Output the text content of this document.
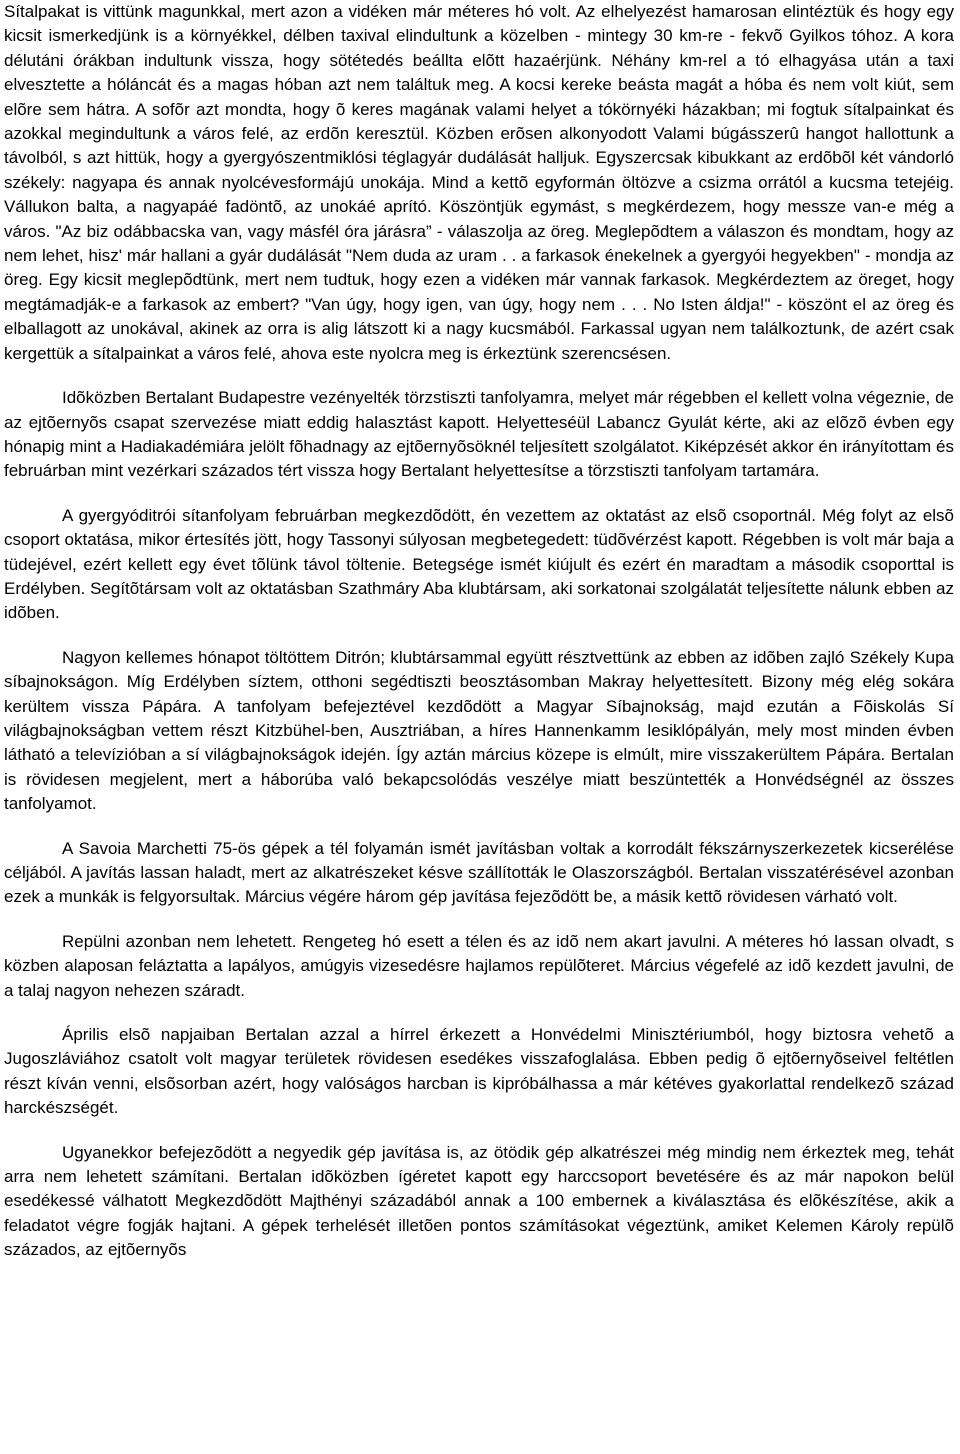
Sítalpakat is vittünk magunkkal, mert azon a vidéken már méteres hó volt. Az elhelyezést hamarosan elintéztük és hogy egy kicsit ismerkedjünk is a környékkel, délben taxival elindultunk a közelben - mintegy 30 km-re - fekvõ Gyilkos tóhoz. A kora délutáni órákban indultunk vissza, hogy sötétedés beállta elõtt hazaérjünk. Néhány km-rel a tó elhagyása után a taxi elvesztette a hóláncát és a magas hóban azt nem találtuk meg. A kocsi kereke beásta magát a hóba és nem volt kiút, sem elõre sem hátra. A sofõr azt mondta, hogy õ keres magának valami helyet a tókörnyéki házakban; mi fogtuk sítalpainkat és azokkal megindultunk a város felé, az erdõn keresztül. Közben erõsen alkonyodott Valami búgásszerû hangot hallottunk a távolból, s azt hittük, hogy a gyergyószentmiklósi téglagyár dudálását halljuk. Egyszercsak kibukkant az erdõbõl két vándorló székely: nagyapa és annak nyolcévesformájú unokája. Mind a kettõ egyformán öltözve a csizma orrától a kucsma tetejéig. Vállukon balta, a nagyapáé fadöntõ, az unokáé aprító. Köszöntjük egymást, s megkérdezem, hogy messze van-e még a város. "Az biz odábbacska van, vagy másfél óra járásra” - válaszolja az öreg. Meglepõdtem a válaszon és mondtam, hogy az nem lehet, hisz' már hallani a gyár dudálását "Nem duda az uram . . a farkasok énekelnek a gyergyói hegyekben" - mondja az öreg. Egy kicsit meglepõdtünk, mert nem tudtuk, hogy ezen a vidéken már vannak farkasok. Megkérdeztem az öreget, hogy megtámadják-e a farkasok az embert? "Van úgy, hogy igen, van úgy, hogy nem . . . No Isten áldja!" - köszönt el az öreg és elballagott az unokával, akinek az orra is alig látszott ki a nagy kucsmából. Farkassal ugyan nem találkoztunk, de azért csak kergettük a sítalpainkat a város felé, ahova este nyolcra meg is érkeztünk szerencsésen.

Idõközben Bertalant Budapestre vezényelték törzstiszti tanfolyamra, melyet már régebben el kellett volna végeznie, de az ejtõernyõs csapat szervezése miatt eddig halasztást kapott. Helyetteséül Labancz Gyulát kérte, aki az elõzõ évben egy hónapig mint a Hadiakadémiára jelölt fõhadnagy az ejtõernyõsöknél teljesített szolgálatot. Kiképzését akkor én irányítottam és februárban mint vezérkari százados tért vissza hogy Bertalant helyettesítse a törzstiszti tanfolyam tartamára.

A gyergyóditrói sítanfolyam februárban megkezdõdött, én vezettem az oktatást az elsõ csoportnál. Még folyt az elsõ csoport oktatása, mikor értesítés jött, hogy Tassonyi súlyosan megbetegedett: tüdõvérzést kapott. Régebben is volt már baja a tüdejével, ezért kellett egy évet tõlünk távol töltenie. Betegsége ismét kiújult és ezért én maradtam a második csoporttal is Erdélyben. Segítõtársam volt az oktatásban Szathmáry Aba klubtársam, aki sorkatonai szolgálatát teljesítette nálunk ebben az idõben.

Nagyon kellemes hónapot töltöttem Ditrón; klubtársammal együtt résztvettünk az ebben az idõben zajló Székely Kupa síbajnokságon. Míg Erdélyben síztem, otthoni segédtiszti beosztásomban Makray helyettesített. Bizony még elég sokára kerültem vissza Pápára. A tanfolyam befejeztével kezdõdött a Magyar Síbajnokság, majd ezután a Fõiskolás Sí világbajnokságban vettem részt Kitzbühel-ben, Ausztriában, a híres Hannenkamm lesiklópályán, mely most minden évben látható a televízióban a sí világbajnokságok idején. Így aztán március közepe is elmúlt, mire visszakerültem Pápára. Bertalan is rövidesen megjelent, mert a háborúba való bekapcsolódás veszélye miatt beszüntették a Honvédségnél az összes tanfolyamot.

A Savoia Marchetti 75-ös gépek a tél folyamán ismét javításban voltak a korrodált fékszárnyszerkezetek kicserélése céljából. A javítás lassan haladt, mert az alkatrészeket késve szállították le Olaszországból. Bertalan visszatérésével azonban ezek a munkák is felgyorsultak. Március végére három gép javítása fejezõdött be, a másik kettõ rövidesen várható volt.

Repülni azonban nem lehetett. Rengeteg hó esett a télen és az idõ nem akart javulni. A méteres hó lassan olvadt, s közben alaposan feláztatta a lapályos, amúgyis vizesedésre hajlamos repülõteret. Március végefelé az idõ kezdett javulni, de a talaj nagyon nehezen száradt.

Április elsõ napjaiban Bertalan azzal a hírrel érkezett a Honvédelmi Minisztériumból, hogy biztosra vehetõ a Jugoszláviához csatolt volt magyar területek rövidesen esedékes visszafoglalása. Ebben pedig õ ejtõernyõseivel feltétlen részt kíván venni, elsõsorban azért, hogy valóságos harcban is kipróbálhassa a már kétéves gyakorlattal rendelkezõ század harckészségét.

Ugyanekkor befejezõdött a negyedik gép javítása is, az ötödik gép alkatrészei még mindig nem érkeztek meg, tehát arra nem lehetett számítani. Bertalan idõközben ígéretet kapott egy harccsoport bevetésére és az már napokon belül esedékessé válhatott Megkezdõdött Majthényi századából annak a 100 embernek a kiválasztása és elõkészítése, akik a feladatot végre fogják hajtani. A gépek terhelését illetõen pontos számításokat végeztünk, amiket Kelemen Károly repülõ százados, az ejtõernyõs
